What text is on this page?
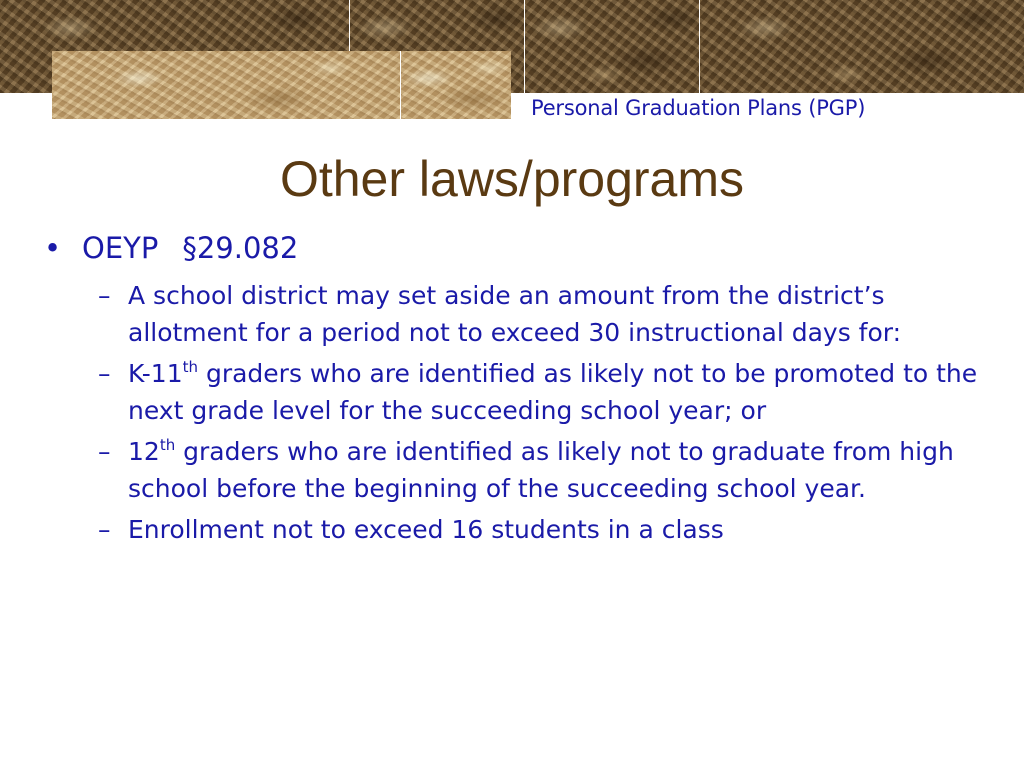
Personal Graduation Plans (PGP)
Other laws/programs
• OEYP §29.082
– A school district may set aside an amount from the district’s allotment for a period not to exceed 30 instructional days for:
– K-11th graders who are identified as likely not to be promoted to the next grade level for the succeeding school year; or
– 12th graders who are identified as likely not to graduate from high school before the beginning of the succeeding school year.
– Enrollment not to exceed 16 students in a class
